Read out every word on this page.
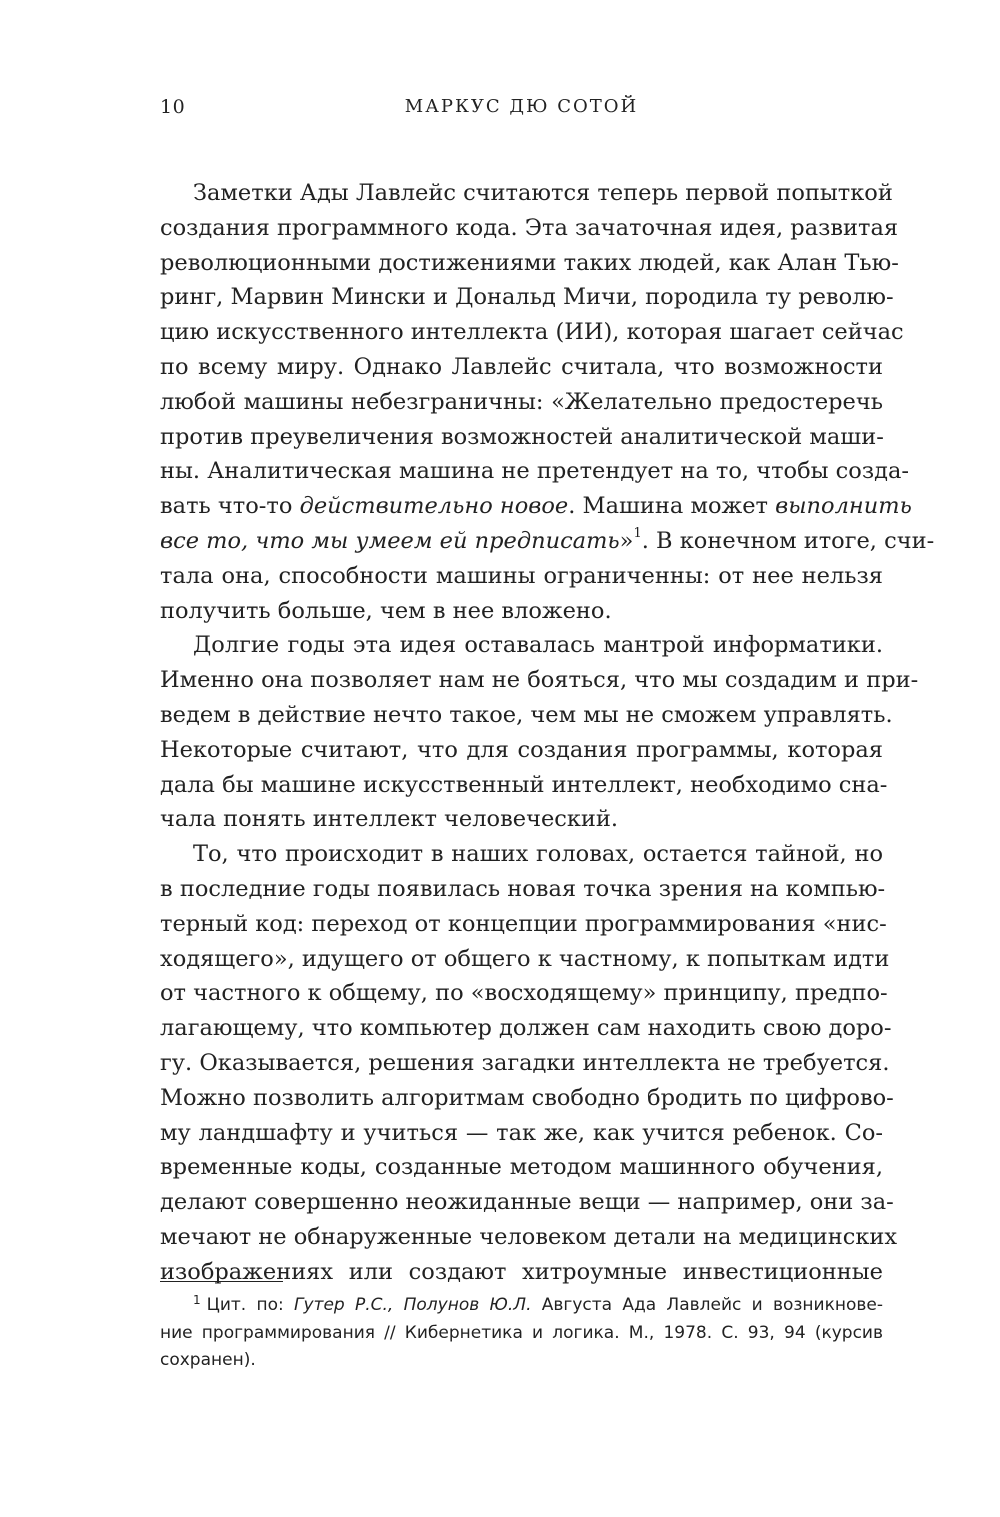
10	МАРКУС ДЮ СОТОЙ
Заметки Ады Лавлейс считаются теперь первой попыткой
создания программного кода. Эта зачаточная идея, развитая
революционными достижениями таких людей, как Алан Тью-
ринг, Марвин Мински и Дональд Мичи, породила ту револю-
цию искусственного интеллекта (ИИ), которая шагает сейчас
по всему миру. Однако Лавлейс считала, что возможности
любой машины небезграничны: «Желательно предостеречь
против преувеличения возможностей аналитической маши-
ны. Аналитическая машина не претендует на то, чтобы созда-
вать что-то действительно новое. Машина может выполнить
все то, что мы умеем ей предписать»$^1$. В конечном итоге, счи-
тала она, способности машины ограниченны: от нее нельзя
получить больше, чем в нее вложено.
Долгие годы эта идея оставалась мантрой информатики.
Именно она позволяет нам не бояться, что мы создадим и при-
ведем в действие нечто такое, чем мы не сможем управлять.
Некоторые считают, что для создания программы, которая
дала бы машине искусственный интеллект, необходимо сна-
чала понять интеллект человеческий.
То, что происходит в наших головах, остается тайной, но
в последние годы появилась новая точка зрения на компью-
терный код: переход от концепции программирования «нис-
ходящего», идущего от общего к частному, к попыткам идти
от частного к общему, по «восходящему» принципу, предпо-
лагающему, что компьютер должен сам находить свою доро-
гу. Оказывается, решения загадки интеллекта не требуется.
Можно позволить алгоритмам свободно бродить по цифрово-
му ландшафту и учиться — так же, как учится ребенок. Со-
временные коды, созданные методом машинного обучения,
делают совершенно неожиданные вещи — например, они за-
мечают не обнаруженные человеком детали на медицинских
изображениях или создают хитроумные инвестиционные
$^1$ Цит. по: Гутер Р.С., Полунов Ю.Л. Августа Ада Лавлейс и возникнове-
ние программирования // Кибернетика и логика. М., 1978. С. 93, 94 (курсив
сохранен).
